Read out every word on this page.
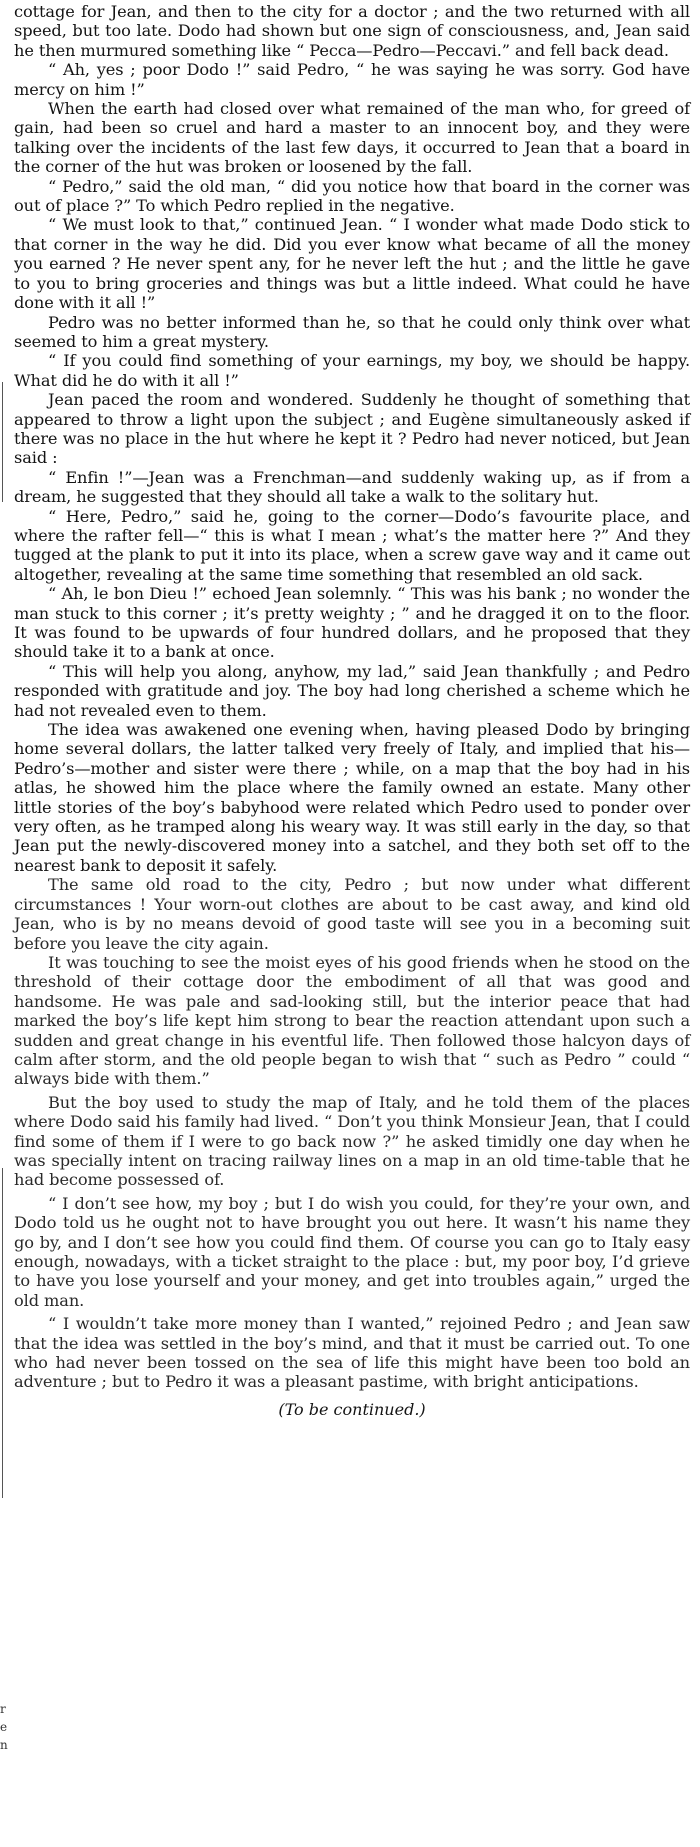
r
e
n

cottage for Jean, and then to the city for a doctor ; and the two returned with all speed, but too late. Dodo had shown but one sign of consciousness, and, Jean said he then murmured something like “ Pecca—Pedro—Peccavi.” and fell back dead.

“ Ah, yes ; poor Dodo !” said Pedro, “ he was saying he was sorry. God have mercy on him !”

When the earth had closed over what remained of the man who, for greed of gain, had been so cruel and hard a master to an innocent boy, and they were talking over the incidents of the last few days, it occurred to Jean that a board in the corner of the hut was broken or loosened by the fall.

“ Pedro,” said the old man, “ did you notice how that board in the corner was out of place ?” To which Pedro replied in the negative.

“ We must look to that,” continued Jean. “ I wonder what made Dodo stick to that corner in the way he did. Did you ever know what became of all the money you earned ? He never spent any, for he never left the hut ; and the little he gave to you to bring groceries and things was but a little indeed. What could he have done with it all !”

Pedro was no better informed than he, so that he could only think over what seemed to him a great mystery.

“ If you could find something of your earnings, my boy, we should be happy. What did he do with it all !”

Jean paced the room and wondered. Suddenly he thought of something that appeared to throw a light upon the subject ; and Eugène simultaneously asked if there was no place in the hut where he kept it ? Pedro had never noticed, but Jean said :

“ Enfin !”—Jean was a Frenchman—and suddenly waking up, as if from a dream, he suggested that they should all take a walk to the solitary hut.

“ Here, Pedro,” said he, going to the corner—Dodo’s favourite place, and where the rafter fell—“ this is what I mean ; what’s the matter here ?” And they tugged at the plank to put it into its place, when a screw gave way and it came out altogether, revealing at the same time something that resembled an old sack.

“ Ah, le bon Dieu !” echoed Jean solemnly. “ This was his bank ; no wonder the man stuck to this corner ; it’s pretty weighty ; ” and he dragged it on to the floor. It was found to be upwards of four hundred dollars, and he proposed that they should take it to a bank at once.

“ This will help you along, anyhow, my lad,” said Jean thankfully ; and Pedro responded with gratitude and joy. The boy had long cherished a scheme which he had not revealed even to them.

The idea was awakened one evening when, having pleased Dodo by bringing home several dollars, the latter talked very freely of Italy, and implied that his—Pedro’s—mother and sister were there ; while, on a map that the boy had in his atlas, he showed him the place where the family owned an estate. Many other little stories of the boy’s babyhood were related which Pedro used to ponder over very often, as he tramped along his weary way. It was still early in the day, so that Jean put the newly-discovered money into a satchel, and they both set off to the nearest bank to deposit it safely.

The same old road to the city, Pedro ; but now under what different circumstances ! Your worn-out clothes are about to be cast away, and kind old Jean, who is by no means devoid of good taste will see you in a becoming suit before you leave the city again.

It was touching to see the moist eyes of his good friends when he stood on the threshold of their cottage door the embodiment of all that was good and handsome. He was pale and sad-looking still, but the interior peace that had marked the boy’s life kept him strong to bear the reaction attendant upon such a sudden and great change in his eventful life. Then followed those halcyon days of calm after storm, and the old people began to wish that “ such as Pedro ” could “ always bide with them.”

But the boy used to study the map of Italy, and he told them of the places where Dodo said his family had lived. “ Don’t you think Monsieur Jean, that I could find some of them if I were to go back now ?” he asked timidly one day when he was specially intent on tracing railway lines on a map in an old time-table that he had become possessed of.

“ I don’t see how, my boy ; but I do wish you could, for they’re your own, and Dodo told us he ought not to have brought you out here. It wasn’t his name they go by, and I don’t see how you could find them. Of course you can go to Italy easy enough, nowadays, with a ticket straight to the place : but, my poor boy, I’d grieve to have you lose yourself and your money, and get into troubles again,” urged the old man.

“ I wouldn’t take more money than I wanted,” rejoined Pedro ; and Jean saw that the idea was settled in the boy’s mind, and that it must be carried out. To one who had never been tossed on the sea of life this might have been too bold an adventure ; but to Pedro it was a pleasant pastime, with bright anticipations.

(To be continued.)
